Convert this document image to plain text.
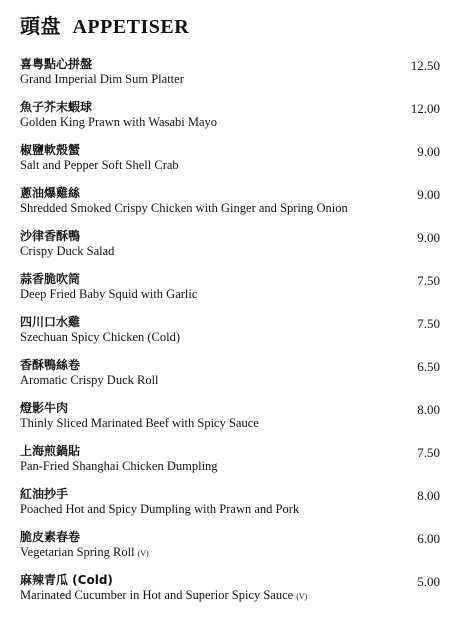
頭盘 APPETISER
喜粤點心拼盤
Grand Imperial Dim Sum Platter
12.50
魚子芥末蝦球
Golden King Prawn with Wasabi Mayo
12.00
椒鹽軟殼蟹
Salt and Pepper Soft Shell Crab
9.00
蔥油爆雞絲
Shredded Smoked Crispy Chicken with Ginger and Spring Onion
9.00
沙律香酥鴨
Crispy Duck Salad
9.00
蒜香脆吹筒
Deep Fried Baby Squid with Garlic
7.50
四川口水雞
Szechuan Spicy Chicken (Cold)
7.50
香酥鴨絲卷
Aromatic Crispy Duck Roll
6.50
燈影牛肉
Thinly Sliced Marinated Beef with Spicy Sauce
8.00
上海煎鍋貼
Pan-Fried Shanghai Chicken Dumpling
7.50
紅油抄手
Poached Hot and Spicy Dumpling with Prawn and Pork
8.00
脆皮素春卷
Vegetarian Spring Roll (V)
6.00
麻辣青瓜 (Cold)
Marinated Cucumber in Hot and Superior Spicy Sauce (V)
5.00
